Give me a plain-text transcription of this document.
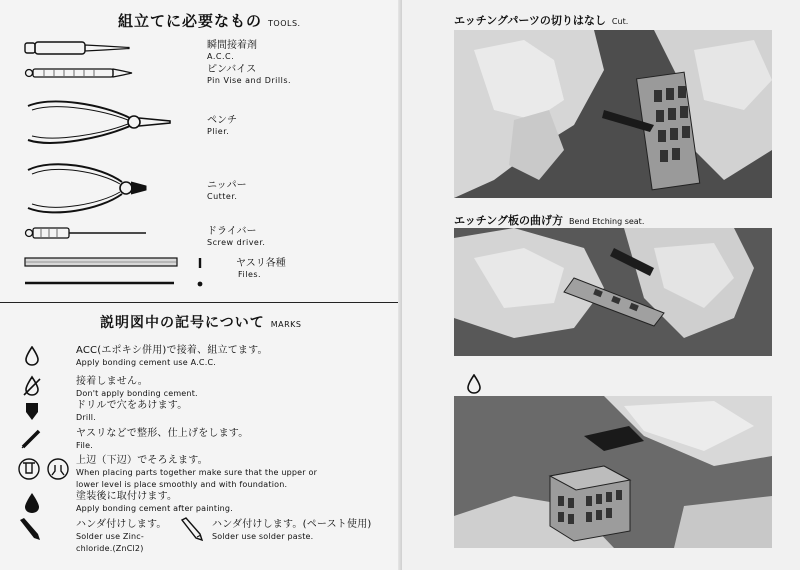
組立てに必要なもの TOOLS.
瞬間接着剤
A.C.C.
ピンバイス
Pin Vise and Drills.
ペンチ
Plier.
ニッパー
Cutter.
ドライバー
Screw driver.
ヤスリ各種
Files.
説明図中の記号について MARKS
ACC(エポキシ併用)で接着、組立てます。
Apply bonding cement use A.C.C.
接着しません。
Don't apply bonding cement.
ドリルで穴をあけます。
Drill.
ヤスリなどで整形、仕上げをします。
File.
上辺（下辺）でそろえます。
When placing parts together make sure that the upper or
lower level is place smoothly and with foundation.
塗装後に取付けます。
Apply bonding cement after painting.
ハンダ付けします。
Solder use Zinc-
chloride.(ZnCl2)
ハンダ付けします。(ペースト使用)
Solder use solder paste.
エッチングパーツの切りはなし Cut.
エッチング板の曲げ方 Bend Etching seat.
